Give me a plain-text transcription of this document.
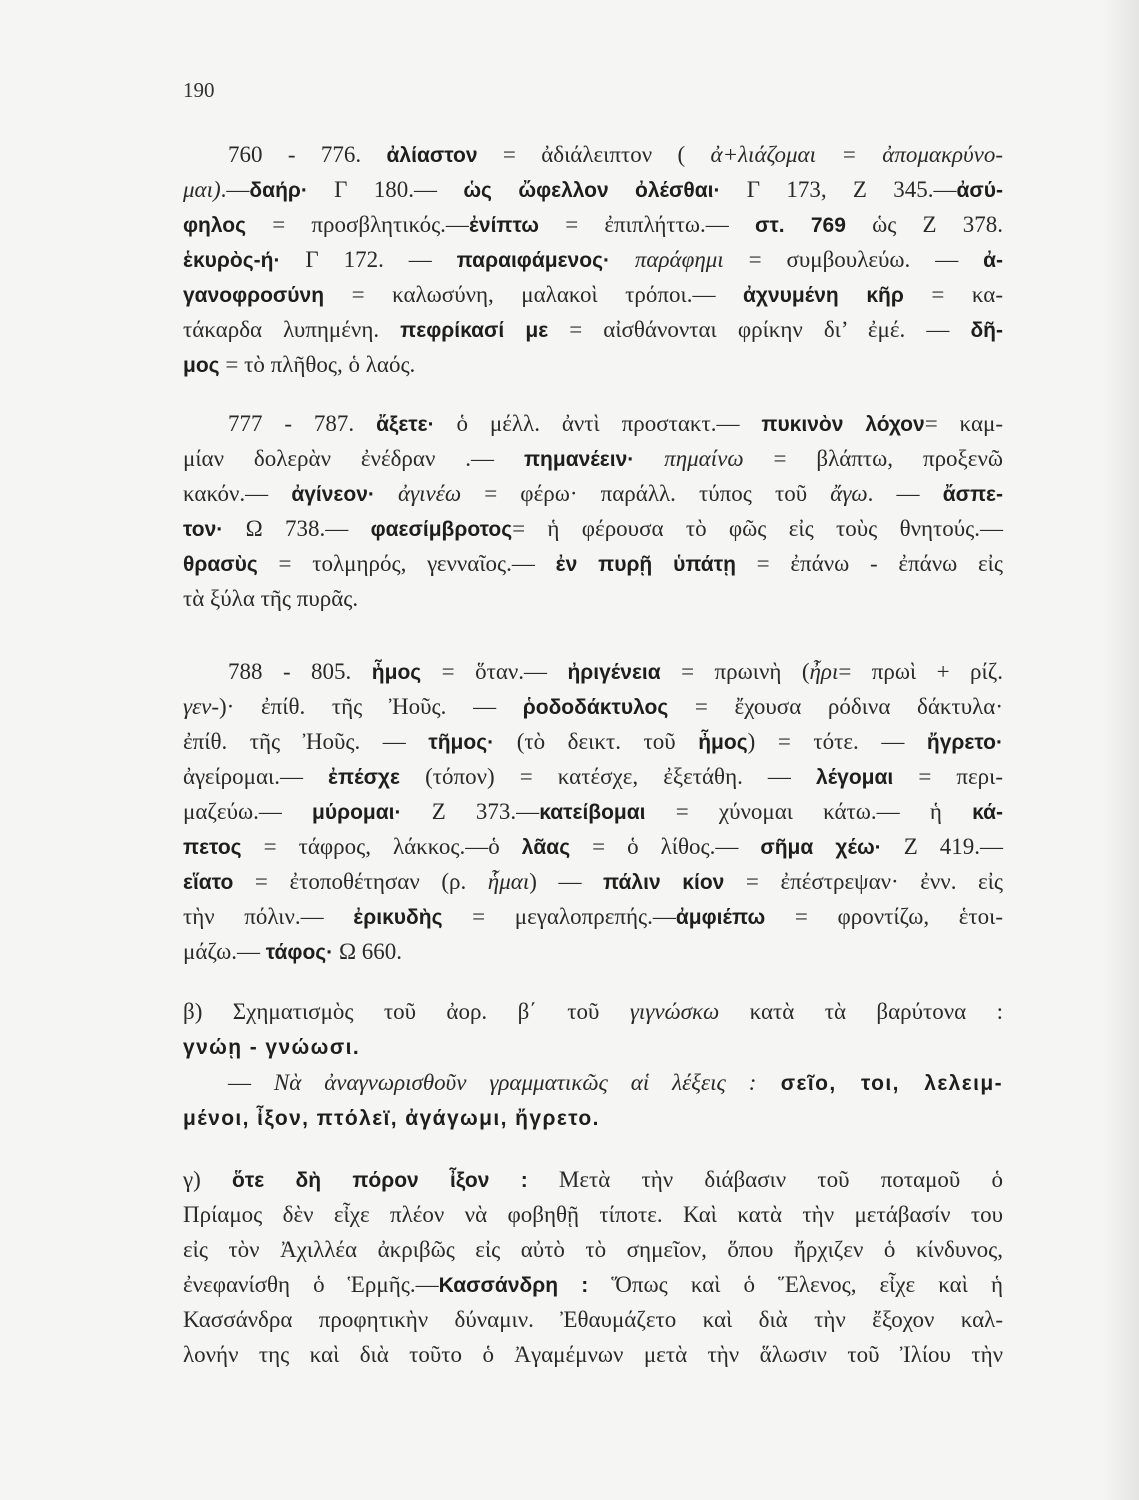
190
760 - 776. ἀλίαστον = ἀδιάλειπτον ( ἀ+λιάζομαι = ἀπομακρύνο-
μαι).—δαήρ· Γ 180.— ὡς ὤφελλον ὀλέσθαι· Γ 173, Ζ 345.—ἀσύ-
φηλος = προσβλητικός.—ἐνίπτω = ἐπιπλήττω.— στ. 769 ὡς Ζ 378.
ἑκυρὸς-ή· Γ 172. — παραιφάμενος· παράφημι = συμβουλεύω. — ἀ-
γανοφροσύνη = καλωσύνη, μαλακοὶ τρόποι.— ἀχνυμένη κῆρ = κα-
τάκαρδα λυπημένη. πεφρίκασί με = αἰσθάνονται φρίκην δι’ ἐμέ. — δῆ-
μος = τὸ πλῆθος, ὁ λαός.
777 - 787. ἄξετε· ὁ μέλλ. ἀντὶ προστακτ.— πυκινὸν λόχον= καμ-
μίαν δολερὰν ἐνέδραν .— πημανέειν· πημαίνω = βλάπτω, προξενῶ
κακόν.— ἀγίνεον· ἀγινέω = φέρω· παράλλ. τύπος τοῦ ἄγω. — ἄσπε-
τον· Ω 738.— φαεσίμβροτος= ἡ φέρουσα τὸ φῶς εἰς τοὺς θνητούς.—
θρασὺς = τολμηρός, γενναῖος.— ἐν πυρῇ ὑπάτῃ = ἐπάνω - ἐπάνω εἰς
τὰ ξύλα τῆς πυρᾶς.
788 - 805. ἦμος = ὅταν.— ἠριγένεια = πρωινὴ (ἦρι= πρωὶ + ρίζ.
γεν-)· ἐπίθ. τῆς Ἠοῦς. — ῥοδοδάκτυλος = ἔχουσα ρόδινα δάκτυλα·
ἐπίθ. τῆς Ἠοῦς. — τῆμος· (τὸ δεικτ. τοῦ ἦμος) = τότε. — ἤγρετο·
ἀγείρομαι.— ἐπέσχε (τόπον) = κατέσχε, ἐξετάθη. — λέγομαι = περι-
μαζεύω.— μύρομαι· Ζ 373.—κατείβομαι = χύνομαι κάτω.— ἡ κά-
πετος = τάφρος, λάκκος.—ὁ λᾶας = ὁ λίθος.— σῆμα χέω· Ζ 419.—
εἵατο = ἐτοποθέτησαν (ρ. ἧμαι) — πάλιν κίον = ἐπέστρεψαν· ἐνν. εἰς
τὴν πόλιν.— ἐρικυδὴς = μεγαλοπρεπής.—ἀμφιέπω = φροντίζω, ἑτοι-
μάζω.— τάφος· Ω 660.
β) Σχηματισμὸς τοῦ ἀορ. β΄ τοῦ γιγνώσκω κατὰ τὰ βαρύτονα :
γνώῃ - γνώωσι.
— Νὰ ἀναγνωρισθοῦν γραμματικῶς αἱ λέξεις : σεῖο, τοι, λελειμ-
μένοι, ἶξον, πτόλεϊ, ἀγάγωμι, ἤγρετο.
γ) ὅτε δὴ πόρον ἶξον : Μετὰ τὴν διάβασιν τοῦ ποταμοῦ ὁ
Πρίαμος δὲν εἶχε πλέον νὰ φοβηθῇ τίποτε. Καὶ κατὰ τὴν μετάβασίν του
εἰς τὸν Ἀχιλλέα ἀκριβῶς εἰς αὐτὸ τὸ σημεῖον, ὅπου ἤρχιζεν ὁ κίνδυνος,
ἐνεφανίσθη ὁ Ἑρμῆς.—Κασσάνδρη : Ὅπως καὶ ὁ Ἕλενος, εἶχε καὶ ἡ
Κασσάνδρα προφητικὴν δύναμιν. Ἐθαυμάζετο καὶ διὰ τὴν ἔξοχον καλ-
λονήν της καὶ διὰ τοῦτο ὁ Ἀγαμέμνων μετὰ τὴν ἅλωσιν τοῦ Ἰλίου τὴν
